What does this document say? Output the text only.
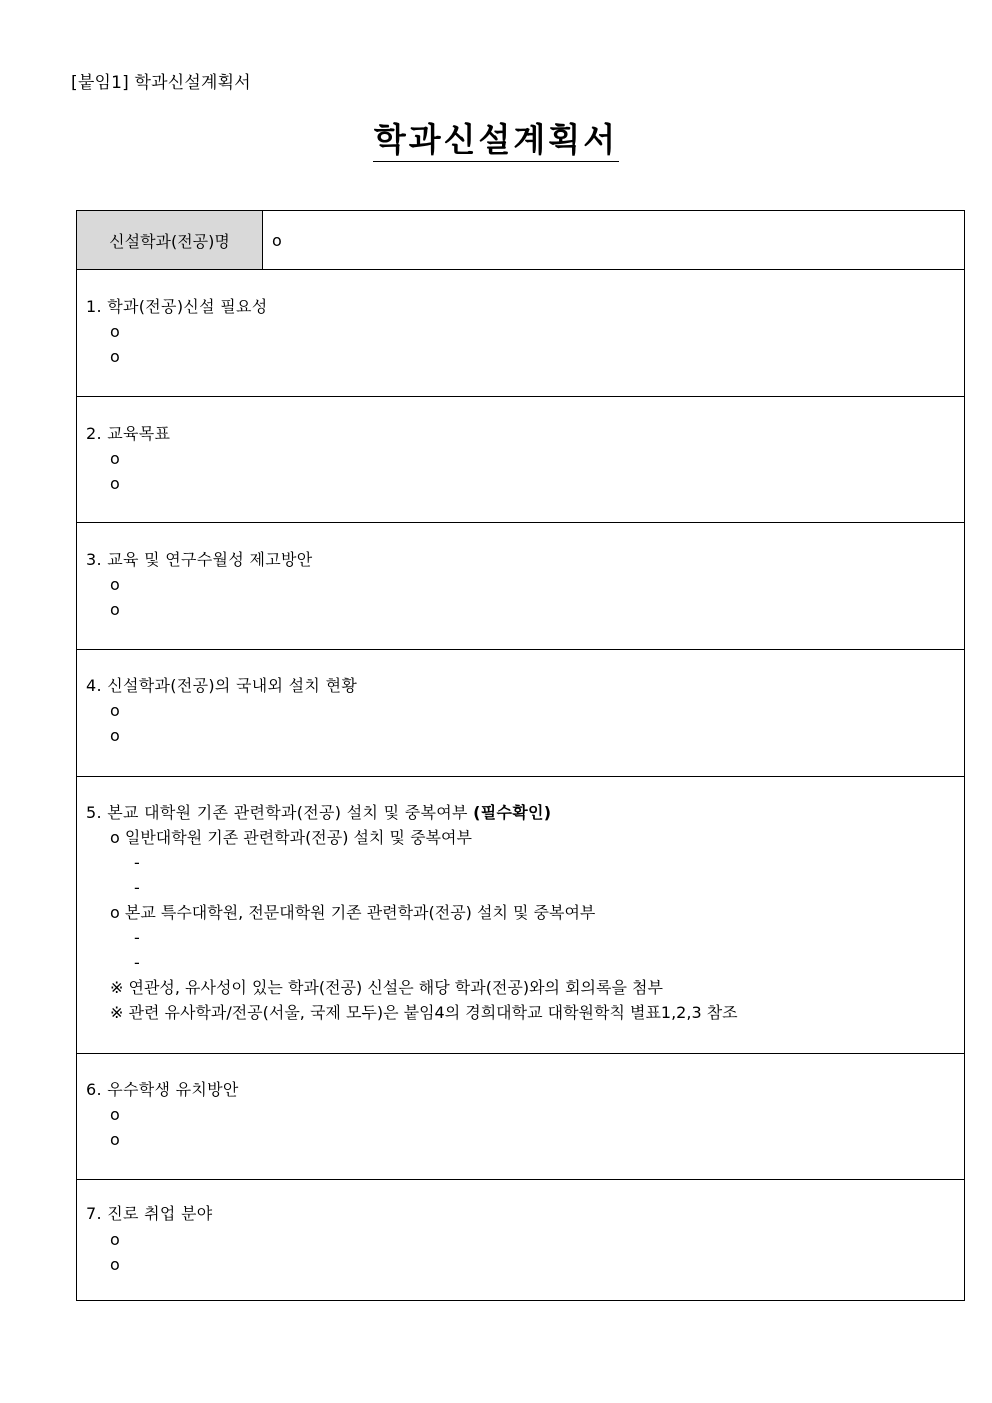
[붙임1] 학과신설계획서
학과신설계획서
신설학과(전공)명	o
1. 학과(전공)신설 필요성
o
o
2. 교육목표
o
o
3. 교육 및 연구수월성 제고방안
o
o
4. 신설학과(전공)의 국내외 설치 현황
o
o
5. 본교 대학원 기존 관련학과(전공) 설치 및 중복여부 (필수확인)
o 일반대학원 기존 관련학과(전공) 설치 및 중복여부
-
-
o 본교 특수대학원, 전문대학원 기존 관련학과(전공) 설치 및 중복여부
-
-
※ 연관성, 유사성이 있는 학과(전공) 신설은 해당 학과(전공)와의 회의록을 첨부
※ 관련 유사학과/전공(서울, 국제 모두)은 붙임4의 경희대학교 대학원학칙 별표1,2,3 참조
6. 우수학생 유치방안
o
o
7. 진로 취업 분야
o
o
